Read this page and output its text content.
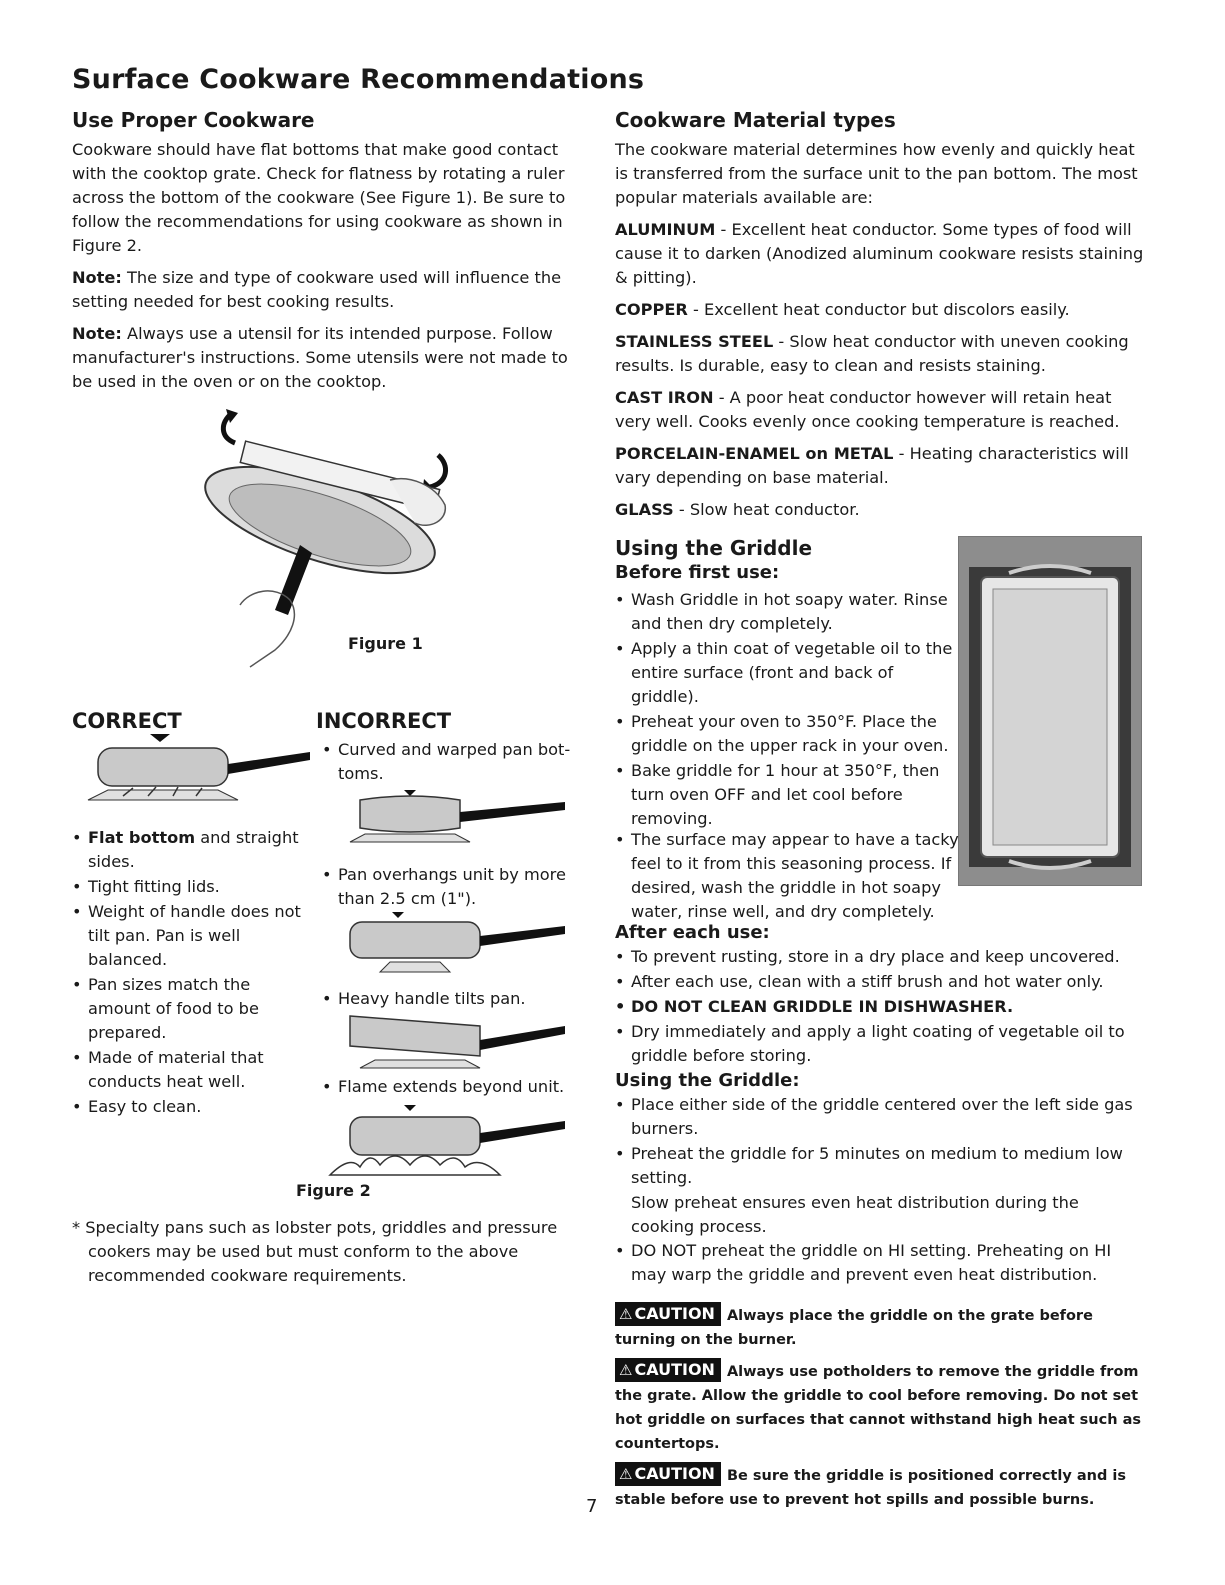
Surface Cookware Recommendations
Use Proper Cookware

Cookware should have flat bottoms that make good contact with the cooktop grate. Check for flatness by rotating a ruler across the bottom of the cookware (See Figure 1). Be sure to follow the recommendations for using cookware as shown in Figure 2.

Note: The size and type of cookware used will influence the setting needed for best cooking results.

Note: Always use a utensil for its intended purpose. Follow manufacturer's instructions. Some utensils were not made to be used in the oven or on the cooktop.

Figure 1
CORRECT
• Flat bottom and straight sides.
• Tight fitting lids.
• Weight of handle does not tilt pan. Pan is well balanced.
• Pan sizes match the amount of food to be prepared.
• Made of material that conducts heat well.
• Easy to clean.
INCORRECT
• Curved and warped pan bot-toms.
• Pan overhangs unit by more than 2.5 cm (1").
• Heavy handle tilts pan.
• Flame extends beyond unit.
Figure 2
* Specialty pans such as lobster pots, griddles and pressure cookers may be used but must conform to the above recommended cookware requirements.
Cookware Material types

The cookware material determines how evenly and quickly heat is transferred from the surface unit to the pan bottom. The most popular materials available are:

ALUMINUM - Excellent heat conductor. Some types of food will cause it to darken (Anodized aluminum cookware resists staining & pitting).

COPPER - Excellent heat conductor but discolors easily.

STAINLESS STEEL - Slow heat conductor with uneven cooking results. Is durable, easy to clean and resists staining.

CAST IRON - A poor heat conductor however will retain heat very well. Cooks evenly once cooking temperature is reached.

PORCELAIN-ENAMEL on METAL - Heating characteristics will vary depending on base material.

GLASS - Slow heat conductor.

Using the Griddle
Before first use:
• Wash Griddle in hot soapy water. Rinse and then dry completely.
• Apply a thin coat of vegetable oil to the entire surface (front and back of griddle).
• Preheat your oven to 350°F. Place the griddle on the upper rack in your oven.
• Bake griddle for 1 hour at 350°F, then turn oven OFF and let cool before removing.
• The surface may appear to have a tacky feel to it from this seasoning process. If desired, wash the griddle in hot soapy water, rinse well, and dry completely.
After each use:
• To prevent rusting, store in a dry place and keep uncovered.
• After each use, clean with a stiff brush and hot water only.
• DO NOT CLEAN GRIDDLE IN DISHWASHER.
• Dry immediately and apply a light coating of vegetable oil to griddle before storing.
Using the Griddle:
• Place either side of the griddle centered over the left side gas burners.
• Preheat the griddle for 5 minutes on medium to medium low setting.
Slow preheat ensures even heat distribution during the cooking process.
• DO NOT preheat the griddle on HI setting. Preheating on HI may warp the griddle and prevent even heat distribution.

⚠ CAUTION Always place the griddle on the grate before turning on the burner.

⚠ CAUTION Always use potholders to remove the griddle from the grate. Allow the griddle to cool before removing. Do not set hot griddle on surfaces that cannot withstand high heat such as countertops.

⚠ CAUTION Be sure the griddle is positioned correctly and is stable before use to prevent hot spills and possible burns.

7
